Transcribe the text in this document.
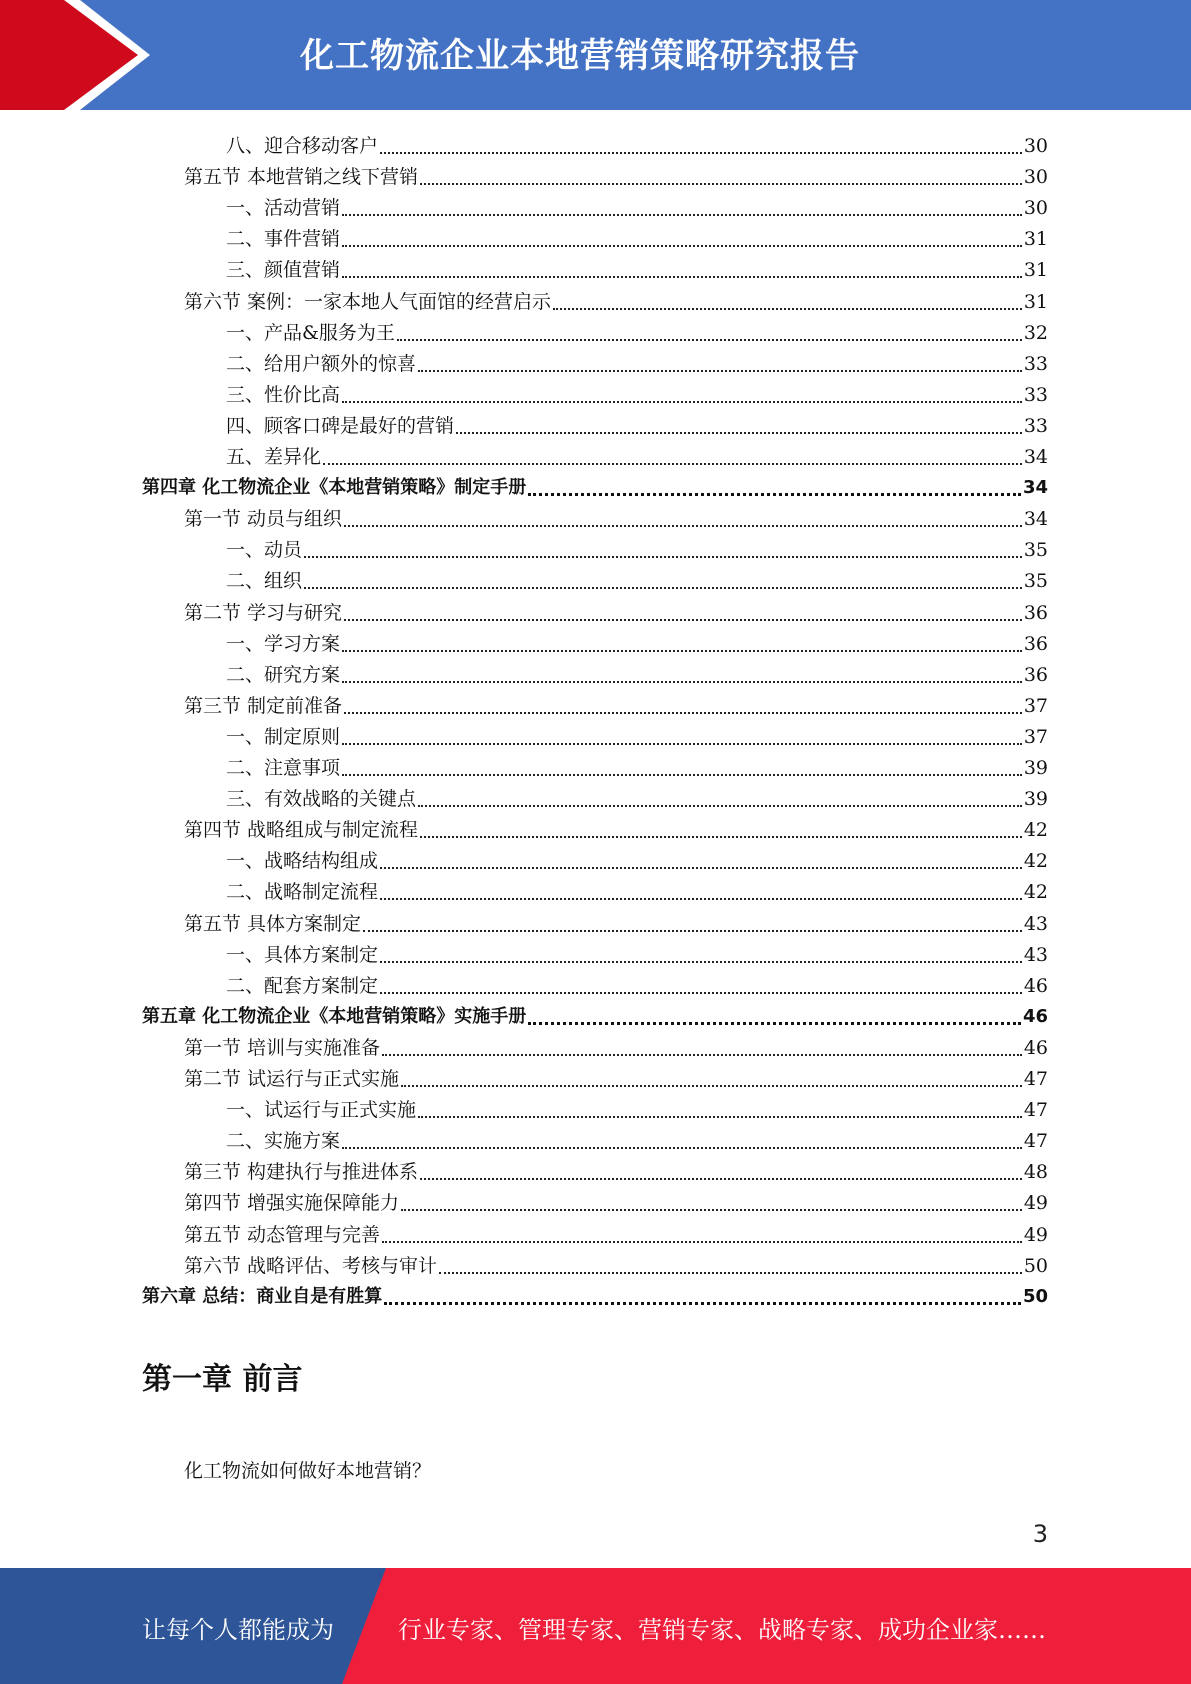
化工物流企业本地营销策略研究报告
八、迎合移动客户	30
第五节 本地营销之线下营销	30
一、活动营销	30
二、事件营销	31
三、颜值营销	31
第六节 案例：一家本地人气面馆的经营启示	31
一、产品&服务为王	32
二、给用户额外的惊喜	33
三、性价比高	33
四、顾客口碑是最好的营销	33
五、差异化	34
第四章 化工物流企业《本地营销策略》制定手册	34
第一节 动员与组织	34
一、动员	35
二、组织	35
第二节 学习与研究	36
一、学习方案	36
二、研究方案	36
第三节 制定前准备	37
一、制定原则	37
二、注意事项	39
三、有效战略的关键点	39
第四节 战略组成与制定流程	42
一、战略结构组成	42
二、战略制定流程	42
第五节 具体方案制定	43
一、具体方案制定	43
二、配套方案制定	46
第五章 化工物流企业《本地营销策略》实施手册	46
第一节 培训与实施准备	46
第二节 试运行与正式实施	47
一、试运行与正式实施	47
二、实施方案	47
第三节 构建执行与推进体系	48
第四节 增强实施保障能力	49
第五节 动态管理与完善	49
第六节 战略评估、考核与审计	50
第六章 总结：商业自是有胜算	50
第一章 前言
化工物流如何做好本地营销？
3
让每个人都能成为	行业专家、管理专家、营销专家、战略专家、成功企业家……
